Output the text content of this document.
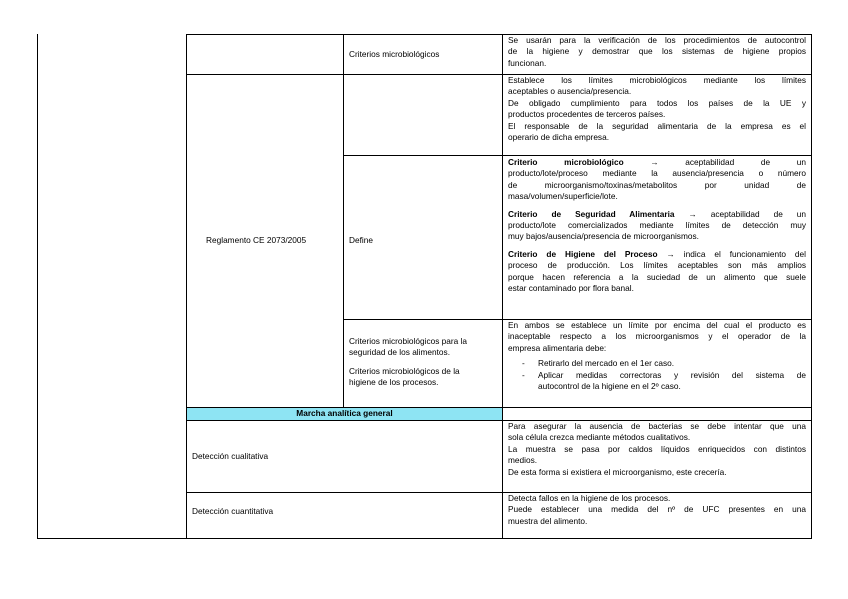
Criterios microbiológicos
Se usarán para la verificación de los procedimientos de autocontrol
de la higiene y demostrar que los sistemas de higiene propios
funcionan.
Reglamento CE 2073/2005
Establece los límites microbiológicos mediante los límites
aceptables o ausencia/presencia.
De obligado cumplimiento para todos los países de la UE y
productos procedentes de terceros países.
El responsable de la seguridad alimentaria de la empresa es el
operario de dicha empresa.
Define
Criterio microbiológico	→	aceptabilidad de un
producto/lote/proceso mediante la ausencia/presencia o número
de microorganismo/toxinas/metabolitos por unidad de
masa/volumen/superficie/lote.
Criterio de Seguridad Alimentaria → aceptabilidad de un
producto/lote comercializados mediante límites de detección muy
muy bajos/ausencia/presencia de microorganismos.
Criterio de Higiene del Proceso → indica el funcionamiento del
proceso de producción. Los límites aceptables son más amplios
porque hacen referencia a la suciedad de un alimento que suele
estar contaminado por flora banal.
Criterios microbiológicos para la
seguridad de los alimentos.
Criterios microbiológicos de la
higiene de los procesos.
En ambos se establece un límite por encima del cual el producto es
inaceptable respecto a los microorganismos y el operador de la
empresa alimentaria debe:
- Retirarlo del mercado en el 1er caso.
- Aplicar medidas correctoras y revisión del sistema de
autocontrol de la higiene en el 2º caso.
Marcha analítica general
Detección cualitativa
Para asegurar la ausencia de bacterias se debe intentar que una
sola célula crezca mediante métodos cualitativos.
La muestra se pasa por caldos líquidos enriquecidos con distintos
medios.
De esta forma si existiera el microorganismo, este crecería.
Detección cuantitativa
Detecta fallos en la higiene de los procesos.
Puede establecer una medida del nº de UFC presentes en una
muestra del alimento.
